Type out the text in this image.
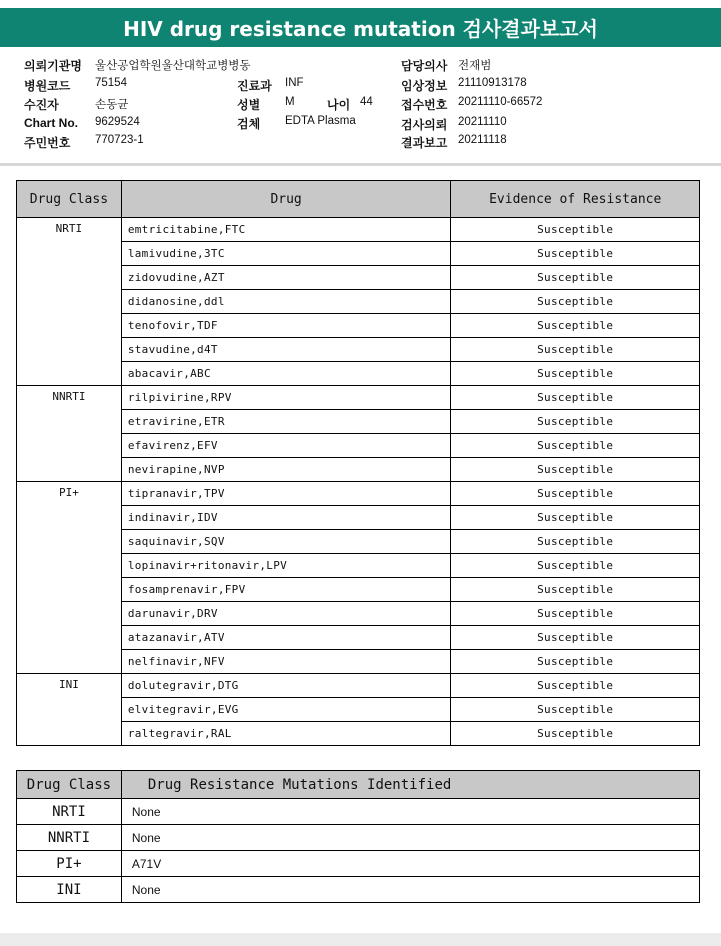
HIV drug resistance mutation 검사결과보고서
의뢰기관명 울산공업학원울산대학교병병동
병원코드 75154
수진자	손동균
Chart No. 9629524
주민번호 770723-1
진료과 INF
성별 M	나이 44
검체 EDTA Plasma
담당의사 전재범
임상정보 21110913178
접수번호 20211110-66572
검사의뢰 20211110
결과보고 20211118
Drug Class	Drug	Evidence of Resistance
NRTI	emtricitabine,FTC	Susceptible
	lamivudine,3TC	Susceptible
	zidovudine,AZT	Susceptible
	didanosine,ddl	Susceptible
	tenofovir,TDF	Susceptible
	stavudine,d4T	Susceptible
	abacavir,ABC	Susceptible
NNRTI	rilpivirine,RPV	Susceptible
	etravirine,ETR	Susceptible
	efavirenz,EFV	Susceptible
	nevirapine,NVP	Susceptible
PI+	tipranavir,TPV	Susceptible
	indinavir,IDV	Susceptible
	saquinavir,SQV	Susceptible
	lopinavir+ritonavir,LPV	Susceptible
	fosamprenavir,FPV	Susceptible
	darunavir,DRV	Susceptible
	atazanavir,ATV	Susceptible
	nelfinavir,NFV	Susceptible
INI	dolutegravir,DTG	Susceptible
	elvitegravir,EVG	Susceptible
	raltegravir,RAL	Susceptible
Drug Class	Drug Resistance Mutations Identified
NRTI	None
NNRTI	None
PI+	A71V
INI	None
